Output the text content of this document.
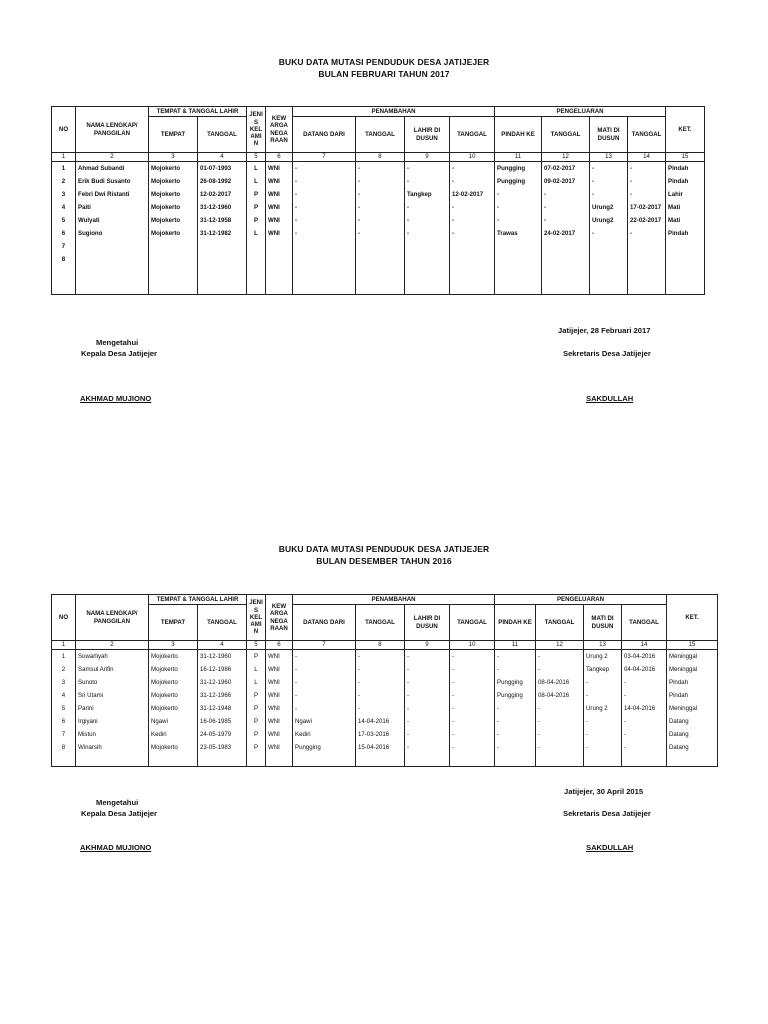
BUKU DATA MUTASI PENDUDUK DESA JATIJEJER
BULAN FEBRUARI TAHUN 2017
NO	NAMA LENGKAP/ PANGGILAN	TEMPAT & TANGGAL LAHIR		JENI S KEL AMI N	KEW ARGA NEGA RAAN	PENAMBAHAN				PENGELUARAN				KET.
		TEMPAT	TANGGAL			DATANG DARI	TANGGAL	LAHIR DI DUSUN	TANGGAL	PINDAH KE	TANGGAL	MATI DI DUSUN	TANGGAL	
1	2	3	4	5	6	7	8	9	10	11	12	13	14	15
1	Ahmad Subandi	Mojokerto	01-07-1993	L	WNI	-	-	-	-	Pungging	07-02-2017	-	-	Pindah
2	Erik Budi Susanto	Mojokerto	26-08-1992	L	WNI	-	-	-	-	Pungging	09-02-2017	-	-	Pindah
3	Febri Dwi Ristanti	Mojokerto	12-02-2017	P	WNI	-	-	Tangkep	12-02-2017	-	-	-	-	Lahir
4	Paiti	Mojokerto	31-12-1960	P	WNI	-	-	-	-	-	-	Urung2	17-02-2017	Mati
5	Wulyati	Mojokerto	31-12-1958	P	WNI	-	-	-	-	-	-	Urung2	22-02-2017	Mati
6	Sugiono	Mojokerto	31-12-1982	L	WNI	-	-	-	-	Trawas	24-02-2017	-	-	Pindah
7														
8														
Jatijejer, 28 Februari 2017
Mengetahui
Kepala Desa Jatijejer	Sekretaris Desa Jatijejer
AKHMAD MUJIONO	SAKDULLAH
BUKU DATA MUTASI PENDUDUK DESA JATIJEJER
BULAN DESEMBER TAHUN 2016
NO	NAMA LENGKAP/ PANGGILAN	TEMPAT & TANGGAL LAHIR		JENI S KEL AMI N	KEW ARGA NEGA RAAN	PENAMBAHAN				PENGELUARAN				KET.
		TEMPAT	TANGGAL			DATANG DARI	TANGGAL	LAHIR DI DUSUN	TANGGAL	PINDAH KE	TANGGAL	MATI DI DUSUN	TANGGAL	
1	2	3	4	5	6	7	8	9	10	11	12	13	14	15
1	Suwarliyah	Mojokerto	31-12-1960	P	WNI	-	-	-	-	-	-	Urung 2	03-04-2016	Meninggal
2	Samsul Arifin	Mojokerto	16-12-1986	L	WNI	-	-	-	-	-	-	Tangkep	04-04-2016	Meninggal
3	Sunoto	Mojokerto	31-12-1960	L	WNI	-	-	-	-	Pungging	08-04-2016	-	-	Pindah
4	Sri Utami	Mojokerto	31-12-1966	P	WNI	-	-	-	-	Pungging	08-04-2016	-	-	Pindah
5	Parini	Mojokerto	31-12-1948	P	WNI	-	-	-	-	-	-	Urung 2	14-04-2016	Meninggal
6	Irgiyani	Ngawi	16-06-1985	P	WNI	Ngawi	14-04-2016	-	-	-	-	-	-	Datang
7	Mistun	Kediri	24-05-1979	P	WNI	Kediri	17-03-2016	-	-	-	-	-	-	Datang
8	Winarsih	Mojokerto	23-05-1983	P	WNI	Pungging	15-04-2016	-	-	-	-	-	-	Datang
Jatijejer, 30 April 2015
Mengetahui
Kepala Desa Jatijejer	Sekretaris Desa Jatijejer
AKHMAD MUJIONO	SAKDULLAH
